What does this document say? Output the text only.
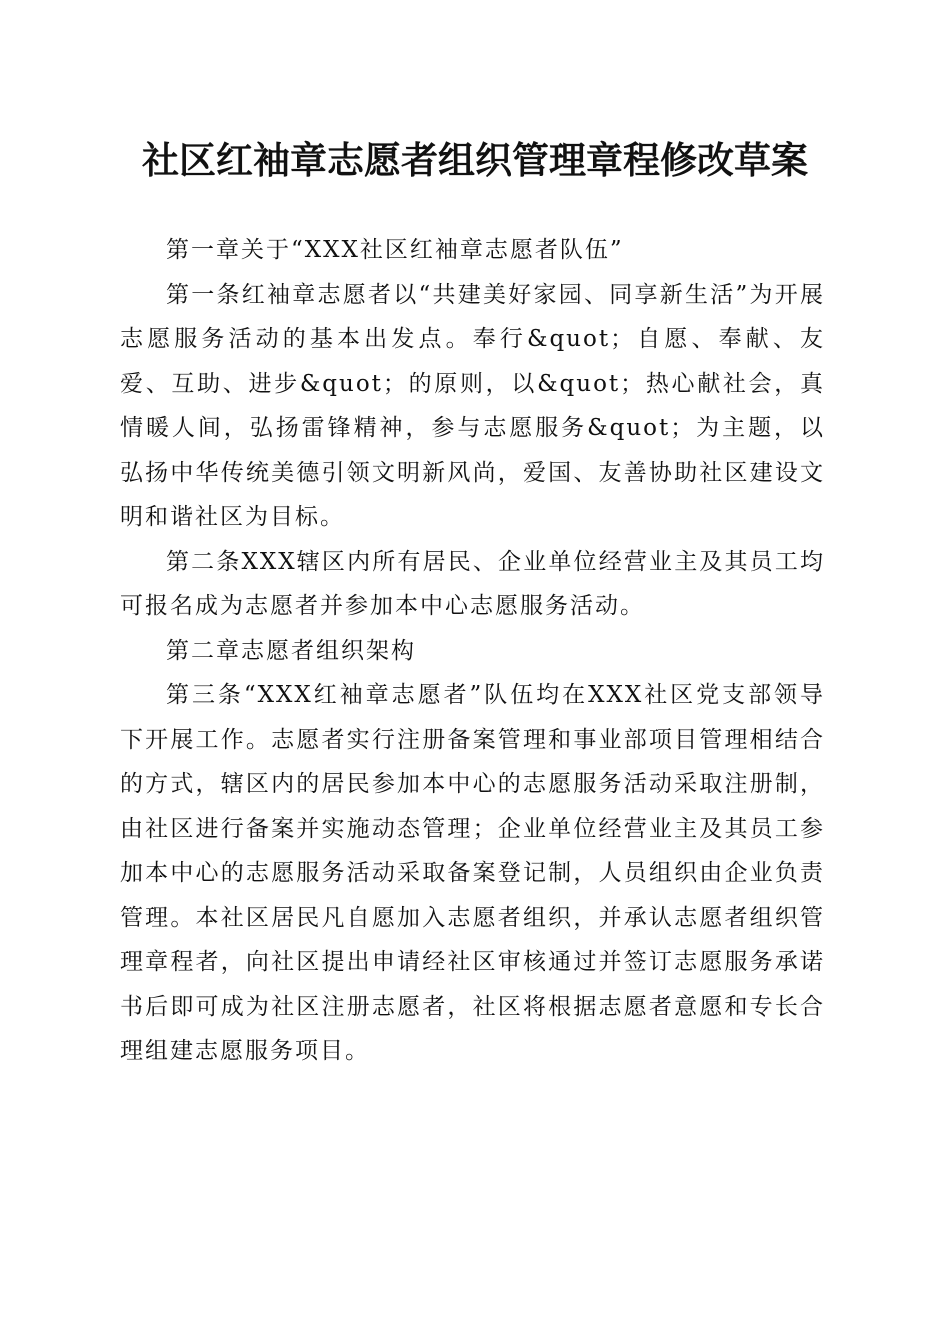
社区红袖章志愿者组织管理章程修改草案

第一章关于“XXX社区红袖章志愿者队伍”

第一条红袖章志愿者以“共建美好家园、同享新生活”为开展志愿服务活动的基本出发点。奉行&quot；自愿、奉献、友爱、互助、进步&quot；的原则，以&quot；热心献社会，真情暖人间，弘扬雷锋精神，参与志愿服务&quot；为主题，以弘扬中华传统美德引领文明新风尚，爱国、友善协助社区建设文明和谐社区为目标。

第二条XXX辖区内所有居民、企业单位经营业主及其员工均可报名成为志愿者并参加本中心志愿服务活动。

第二章志愿者组织架构

第三条“XXX红袖章志愿者”队伍均在XXX社区党支部领导下开展工作。志愿者实行注册备案管理和事业部项目管理相结合的方式，辖区内的居民参加本中心的志愿服务活动采取注册制，由社区进行备案并实施动态管理；企业单位经营业主及其员工参加本中心的志愿服务活动采取备案登记制，人员组织由企业负责管理。本社区居民凡自愿加入志愿者组织，并承认志愿者组织管理章程者，向社区提出申请经社区审核通过并签订志愿服务承诺书后即可成为社区注册志愿者，社区将根据志愿者意愿和专长合理组建志愿服务项目。
